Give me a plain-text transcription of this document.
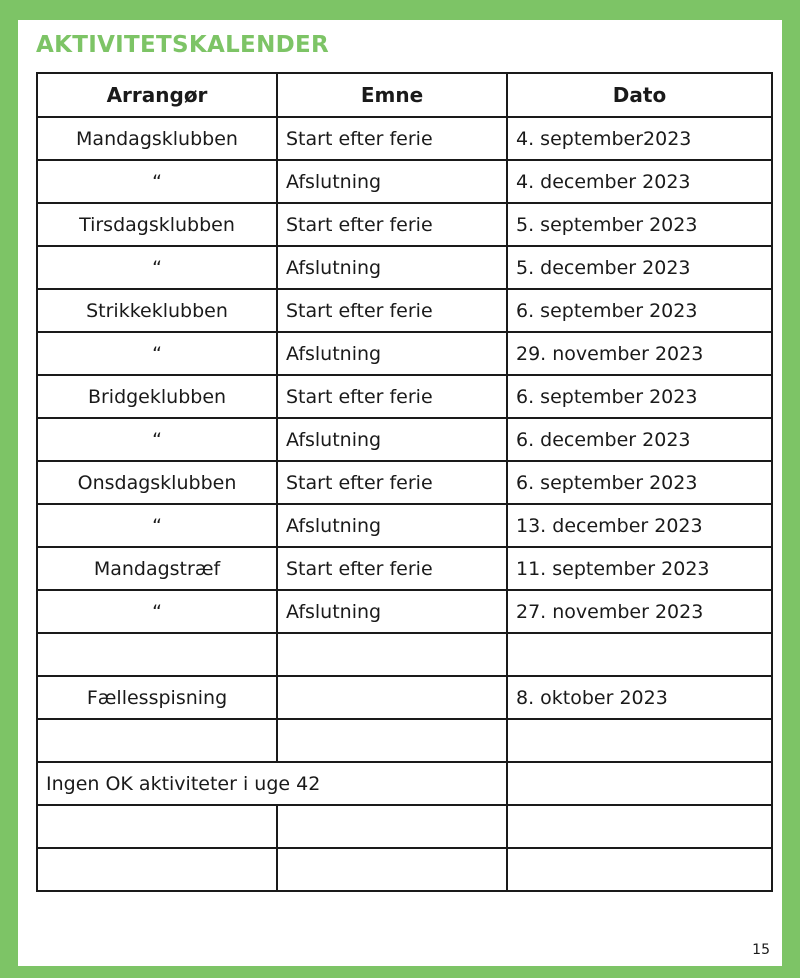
AKTIVITETSKALENDER
Arrangør	Emne	Dato
Mandagsklubben	Start efter ferie	4. september2023
“	Afslutning	4. december 2023
Tirsdagsklubben	Start efter ferie	5. september 2023
“	Afslutning	5. december 2023
Strikkeklubben	Start efter ferie	6. september 2023
“	Afslutning	29. november 2023
Bridgeklubben	Start efter ferie	6. september 2023
“	Afslutning	6. december 2023
Onsdagsklubben	Start efter ferie	6. september 2023
“	Afslutning	13. december 2023
Mandagstræf	Start efter ferie	11. september 2023
“	Afslutning	27. november 2023

Fællesspisning		8. oktober 2023

Ingen OK aktiviteter i uge 42		

15
